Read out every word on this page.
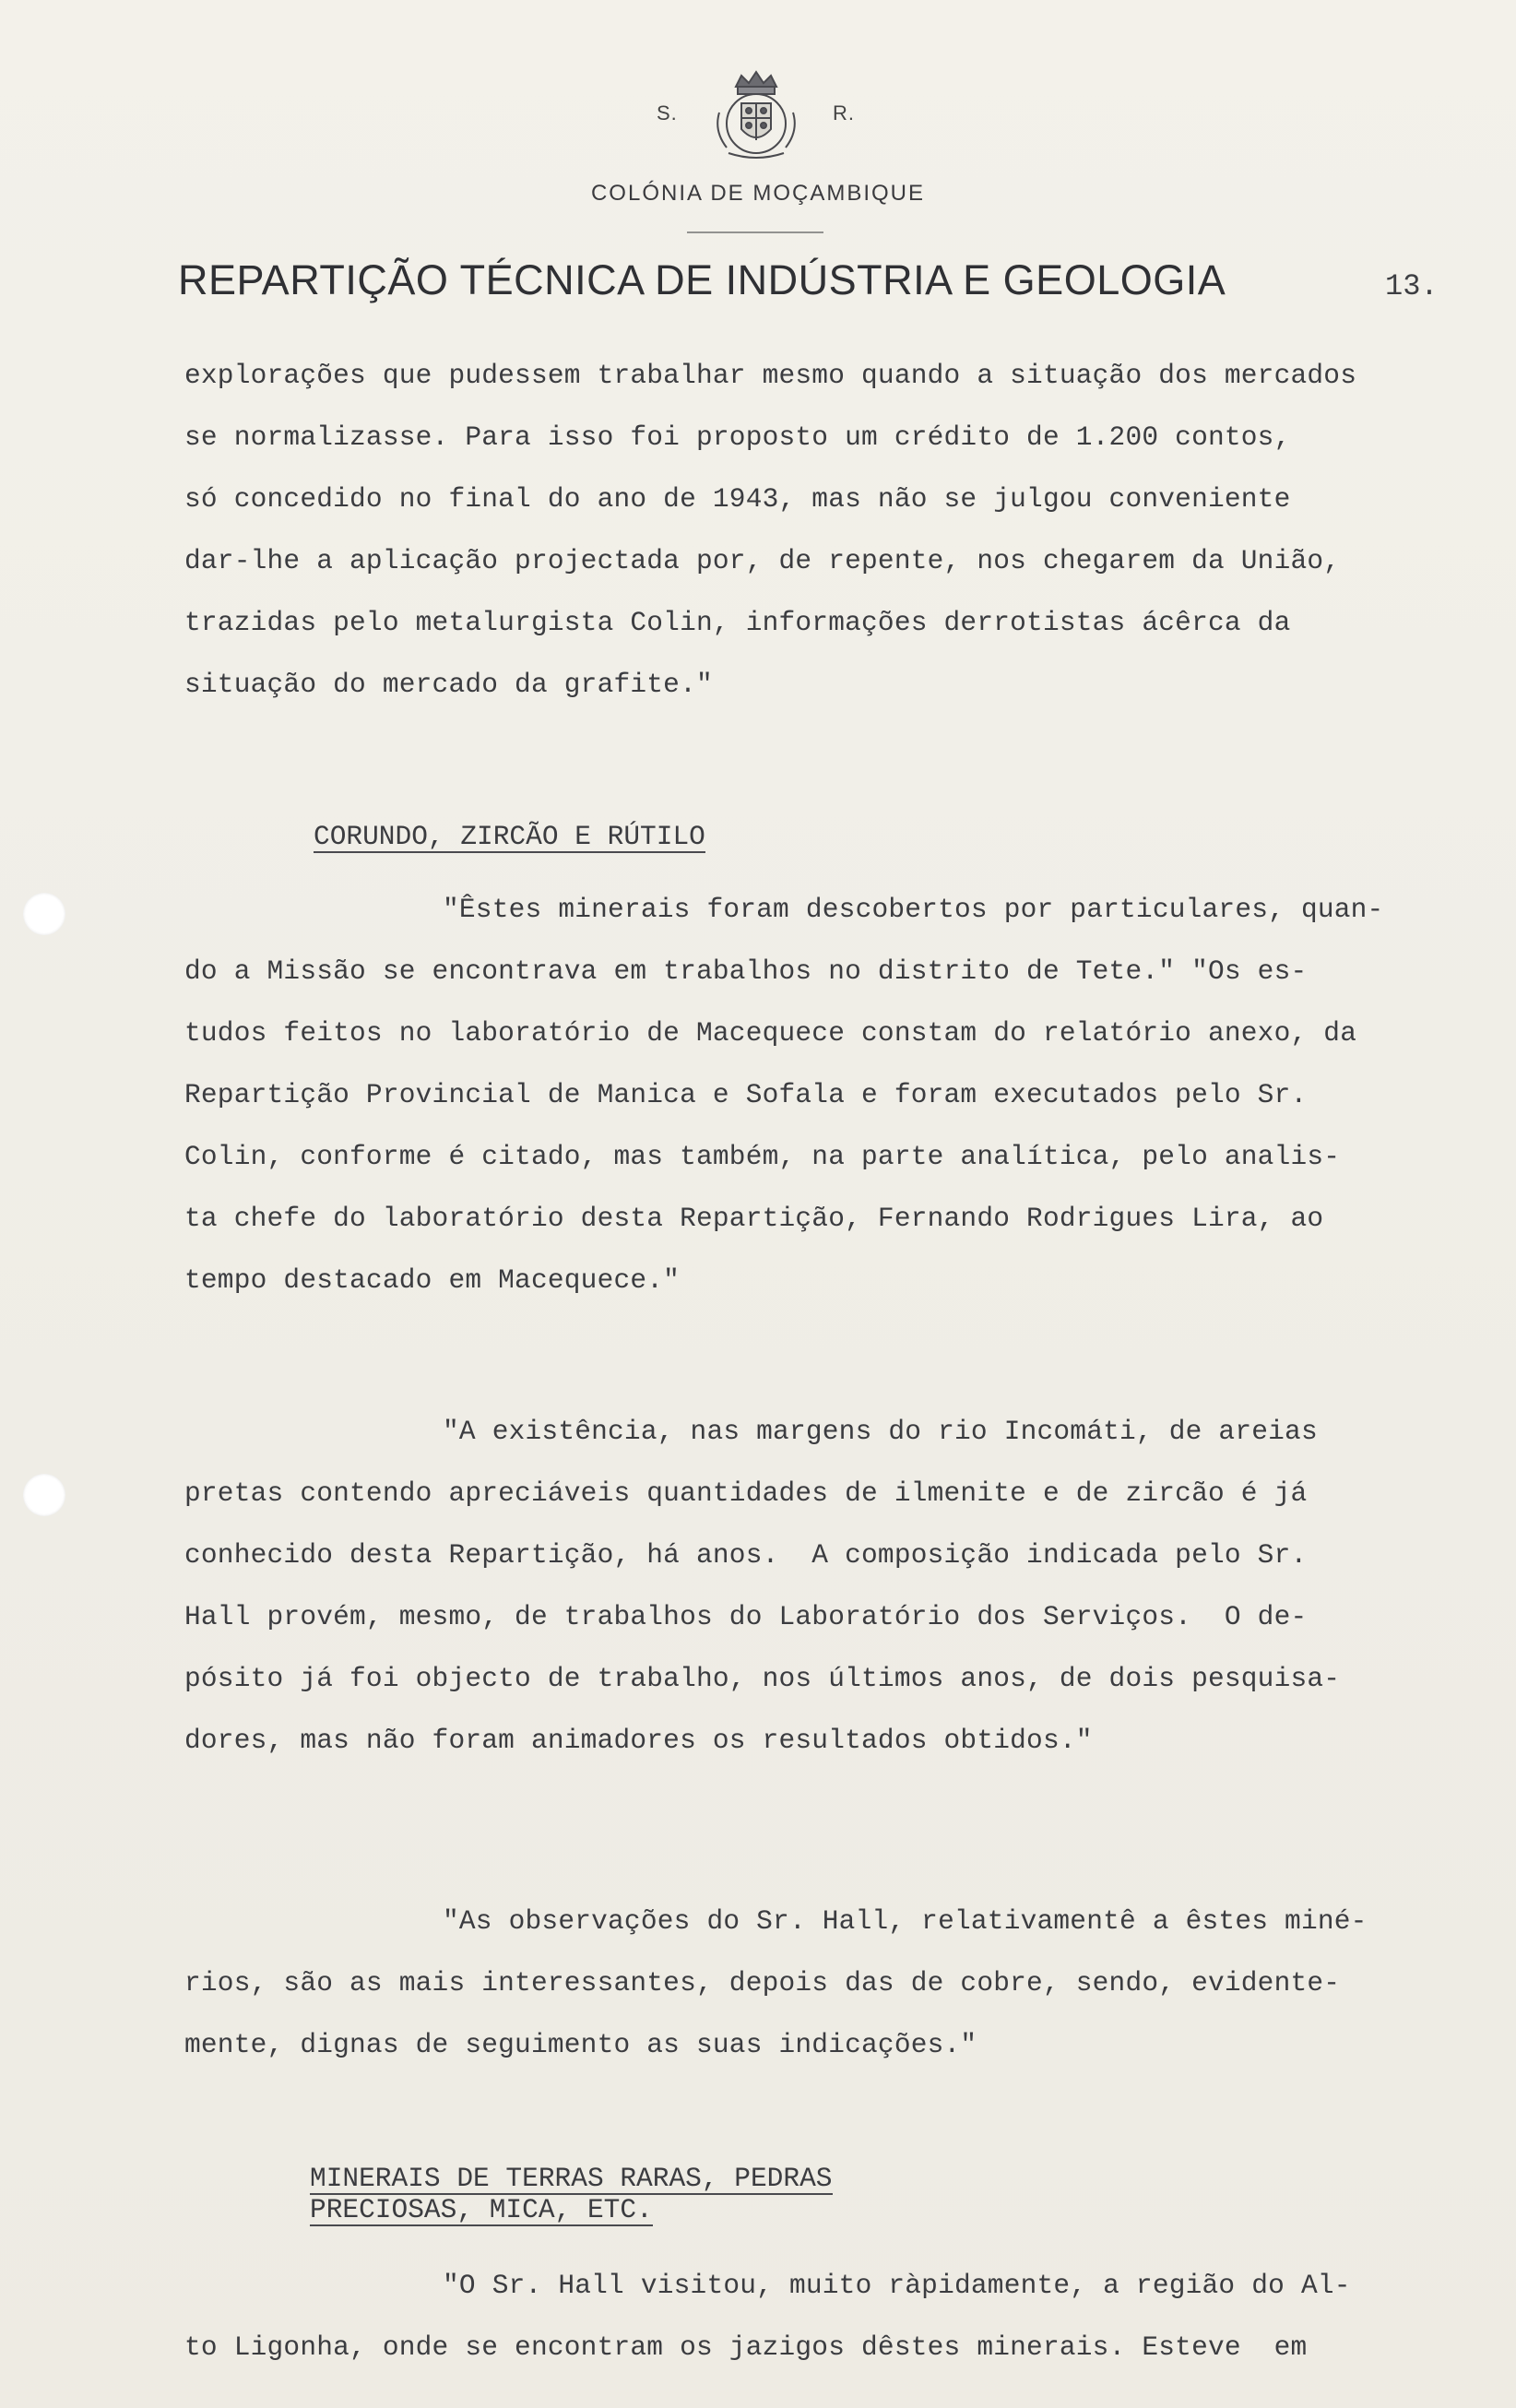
S.	R.
COLÓNIA DE MOÇAMBIQUE
REPARTIÇÃO TÉCNICA DE INDÚSTRIA E GEOLOGIA	13.
explorações que pudessem trabalhar mesmo quando a situação dos mercados
se normalizasse. Para isso foi proposto um crédito de 1.200 contos,
só concedido no final do ano de 1943, mas não se julgou conveniente
dar-lhe a aplicação projectada por, de repente, nos chegarem da União,
trazidas pelo metalurgista Colin, informações derrotistas ácêrca da
situação do mercado da grafite."
CORUNDO, ZIRCÃO E RÚTILO
"Êstes minerais foram descobertos por particulares, quan-
do a Missão se encontrava em trabalhos no distrito de Tete." "Os es-
tudos feitos no laboratório de Macequece constam do relatório anexo, da
Repartição Provincial de Manica e Sofala e foram executados pelo Sr.
Colin, conforme é citado, mas também, na parte analítica, pelo analis-
ta chefe do laboratório desta Repartição, Fernando Rodrigues Lira, ao
tempo destacado em Macequece."
"A existência, nas margens do rio Incomáti, de areias
pretas contendo apreciáveis quantidades de ilmenite e de zircão é já
conhecido desta Repartição, há anos.  A composição indicada pelo Sr.
Hall provém, mesmo, de trabalhos do Laboratório dos Serviços.  O de-
pósito já foi objecto de trabalho, nos últimos anos, de dois pesquisa-
dores, mas não foram animadores os resultados obtidos."
"As observações do Sr. Hall, relativamentê a êstes miné-
rios, são as mais interessantes, depois das de cobre, sendo, evidente-
mente, dignas de seguimento as suas indicações."
MINERAIS DE TERRAS RARAS, PEDRAS
PRECIOSAS, MICA, ETC.
"O Sr. Hall visitou, muito ràpidamente, a região do Al-
to Ligonha, onde se encontram os jazigos dêstes minerais. Esteve  em
